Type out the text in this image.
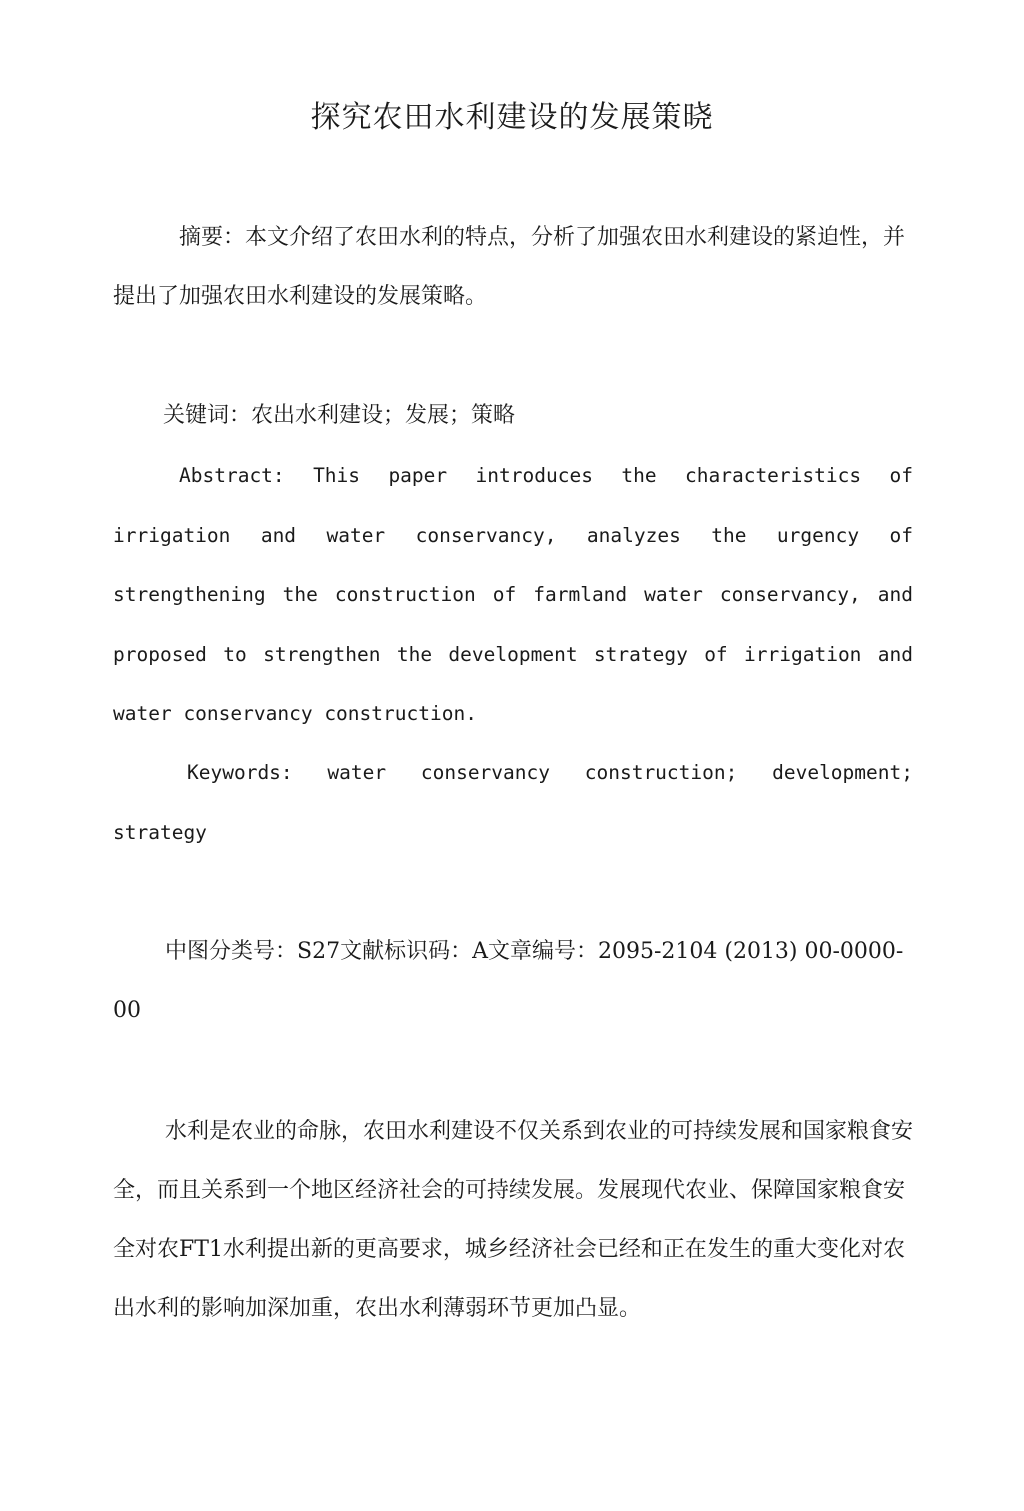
探究农田水利建设的发展策晓

摘要：本文介绍了农田水利的特点，分析了加强农田水利建设的紧迫性，并提出了加强农田水利建设的发展策略。

关键词：农出水利建设；发展；策略

Abstract: This paper introduces the characteristics of irrigation and water conservancy, analyzes the urgency of strengthening the construction of farmland water conservancy, and proposed to strengthen the development strategy of irrigation and water conservancy construction.

Keywords: water conservancy construction; development; strategy

中图分类号：S27文献标识码：A文章编号：2095-2104 (2013) 00-0000-00

水利是农业的命脉，农田水利建设不仅关系到农业的可持续发展和国家粮食安全，而且关系到一个地区经济社会的可持续发展。发展现代农业、保障国家粮食安全对农FT1水利提出新的更高要求，城乡经济社会已经和正在发生的重大变化对农出水利的影响加深加重，农出水利薄弱环节更加凸显。
